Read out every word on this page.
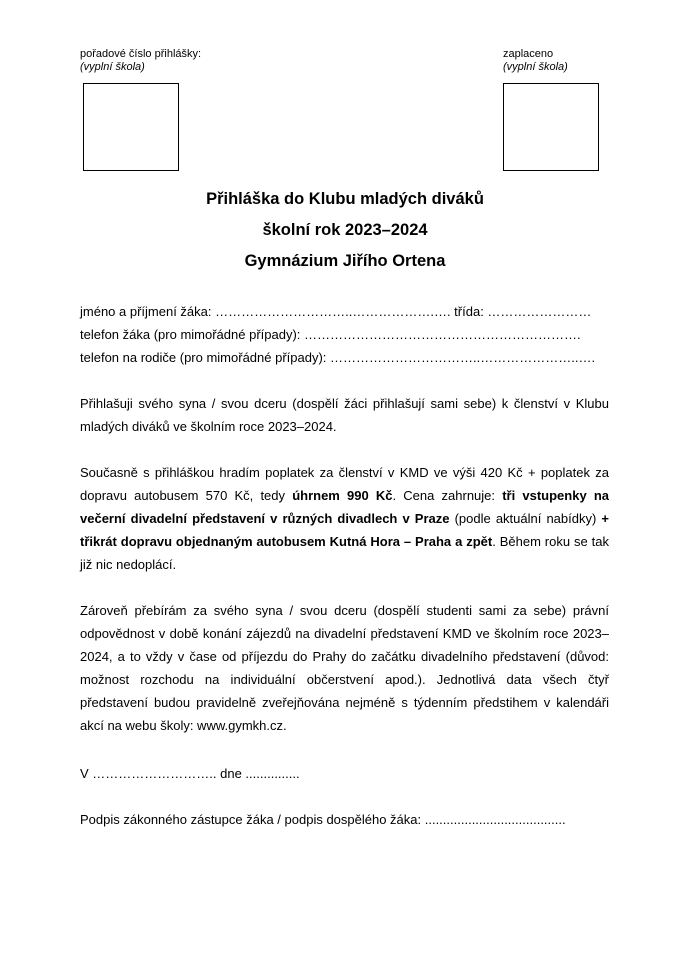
pořadové číslo přihlášky:
(vyplní škola)
zaplaceno
(vyplní škola)
Přihláška do Klubu mladých diváků
školní rok 2023–2024
Gymnázium Jiřího Ortena
jméno a příjmení žáka: …………………………..……………….…. třída: ……………………
telefon žáka (pro mimořádné případy): ……………………………………………………….
telefon na rodiče (pro mimořádné případy): ……………………………..…………………..….
Přihlašuji svého syna / svou dceru (dospělí žáci přihlašují sami sebe) k členství v Klubu mladých diváků ve školním roce 2023–2024.
Současně s přihláškou hradím poplatek za členství v KMD ve výši 420 Kč + poplatek za dopravu autobusem 570 Kč, tedy úhrnem 990 Kč. Cena zahrnuje: tři vstupenky na večerní divadelní představení v různých divadlech v Praze (podle aktuální nabídky) + třikrát dopravu objednaným autobusem Kutná Hora – Praha a zpět. Během roku se tak již nic nedoplácí.
Zároveň přebírám za svého syna / svou dceru (dospělí studenti sami za sebe) právní odpovědnost v době konání zájezdů na divadelní představení KMD ve školním roce 2023–2024, a to vždy v čase od příjezdu do Prahy do začátku divadelního představení (důvod: možnost rozchodu na individuální občerstvení apod.). Jednotlivá data všech čtyř představení budou pravidelně zveřejňována nejméně s týdenním předstihem v kalendáři akcí na webu školy: www.gymkh.cz.
V ……………………….. dne ...............
Podpis zákonného zástupce žáka / podpis dospělého žáka: .......................................
